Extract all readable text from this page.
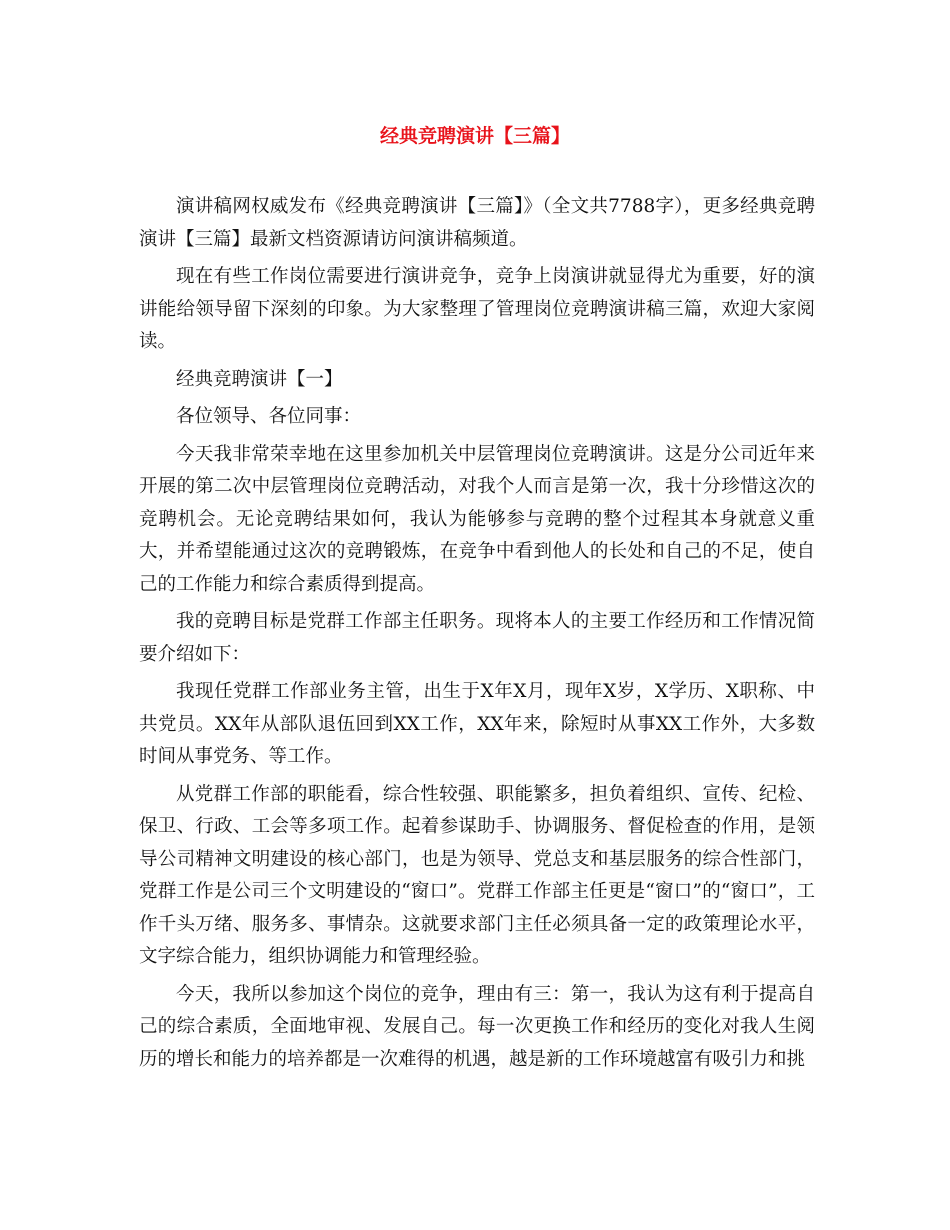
经典竞聘演讲【三篇】

演讲稿网权威发布《经典竞聘演讲【三篇】》（全文共7788字），更多经典竞聘演讲【三篇】最新文档资源请访问演讲稿频道。

现在有些工作岗位需要进行演讲竞争，竞争上岗演讲就显得尤为重要，好的演讲能给领导留下深刻的印象。为大家整理了管理岗位竞聘演讲稿三篇，欢迎大家阅读。

经典竞聘演讲【一】

各位领导、各位同事：

今天我非常荣幸地在这里参加机关中层管理岗位竞聘演讲。这是分公司近年来开展的第二次中层管理岗位竞聘活动，对我个人而言是第一次，我十分珍惜这次的竞聘机会。无论竞聘结果如何，我认为能够参与竞聘的整个过程其本身就意义重大，并希望能通过这次的竞聘锻炼，在竞争中看到他人的长处和自己的不足，使自己的工作能力和综合素质得到提高。

我的竞聘目标是党群工作部主任职务。现将本人的主要工作经历和工作情况简要介绍如下：

我现任党群工作部业务主管，出生于X年X月，现年X岁，X学历、X职称、中共党员。XX年从部队退伍回到XX工作，XX年来，除短时从事XX工作外，大多数时间从事党务、等工作。

从党群工作部的职能看，综合性较强、职能繁多，担负着组织、宣传、纪检、保卫、行政、工会等多项工作。起着参谋助手、协调服务、督促检查的作用，是领导公司精神文明建设的核心部门，也是为领导、党总支和基层服务的综合性部门，党群工作是公司三个文明建设的“窗口”。党群工作部主任更是“窗口”的“窗口”，工作千头万绪、服务多、事情杂。这就要求部门主任必须具备一定的政策理论水平，文字综合能力，组织协调能力和管理经验。

今天，我所以参加这个岗位的竞争，理由有三：第一，我认为这有利于提高自己的综合素质，全面地审视、发展自己。每一次更换工作和经历的变化对我人生阅历的增长和能力的培养都是一次难得的机遇，越是新的工作环境越富有吸引力和挑
